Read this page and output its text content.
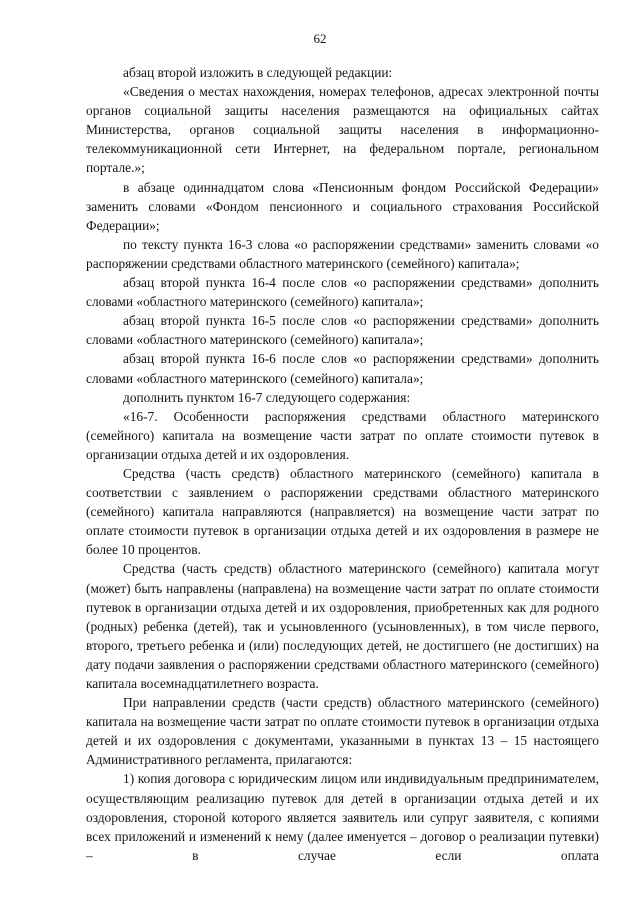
62

абзац второй изложить в следующей редакции:

«Сведения о местах нахождения, номерах телефонов, адресах электронной почты органов социальной защиты населения размещаются на официальных сайтах Министерства, органов социальной защиты населения в информационно-телекоммуникационной сети Интернет, на федеральном портале, региональном портале.»;

в абзаце одиннадцатом слова «Пенсионным фондом Российской Федерации» заменить словами «Фондом пенсионного и социального страхования Российской Федерации»;

по тексту пункта 16-3 слова «о распоряжении средствами» заменить словами «о распоряжении средствами областного материнского (семейного) капитала»;

абзац второй пункта 16-4 после слов «о распоряжении средствами» дополнить словами «областного материнского (семейного) капитала»;

абзац второй пункта 16-5 после слов «о распоряжении средствами» дополнить словами «областного материнского (семейного) капитала»;

абзац второй пункта 16-6 после слов «о распоряжении средствами» дополнить словами «областного материнского (семейного) капитала»;

дополнить пунктом 16-7 следующего содержания:

«16-7. Особенности распоряжения средствами областного материнского (семейного) капитала на возмещение части затрат по оплате стоимости путевок в организации отдыха детей и их оздоровления.

Средства (часть средств) областного материнского (семейного) капитала в соответствии с заявлением о распоряжении средствами областного материнского (семейного) капитала направляются (направляется) на возмещение части затрат по оплате стоимости путевок в организации отдыха детей и их оздоровления в размере не более 10 процентов.

Средства (часть средств) областного материнского (семейного) капитала могут (может) быть направлены (направлена) на возмещение части затрат по оплате стоимости путевок в организации отдыха детей и их оздоровления, приобретенных как для родного (родных) ребенка (детей), так и усыновленного (усыновленных), в том числе первого, второго, третьего ребенка и (или) последующих детей, не достигшего (не достигших) на дату подачи заявления о распоряжении средствами областного материнского (семейного) капитала восемнадцатилетнего возраста.

При направлении средств (части средств) областного материнского (семейного) капитала на возмещение части затрат по оплате стоимости путевок в организации отдыха детей и их оздоровления с документами, указанными в пунктах 13 – 15 настоящего Административного регламента, прилагаются:

1) копия договора с юридическим лицом или индивидуальным предпринимателем, осуществляющим реализацию путевок для детей в организации отдыха детей и их оздоровления, стороной которого является заявитель или супруг заявителя, с копиями всех приложений и изменений к нему (далее именуется – договор о реализации путевки) – в случае если оплата
